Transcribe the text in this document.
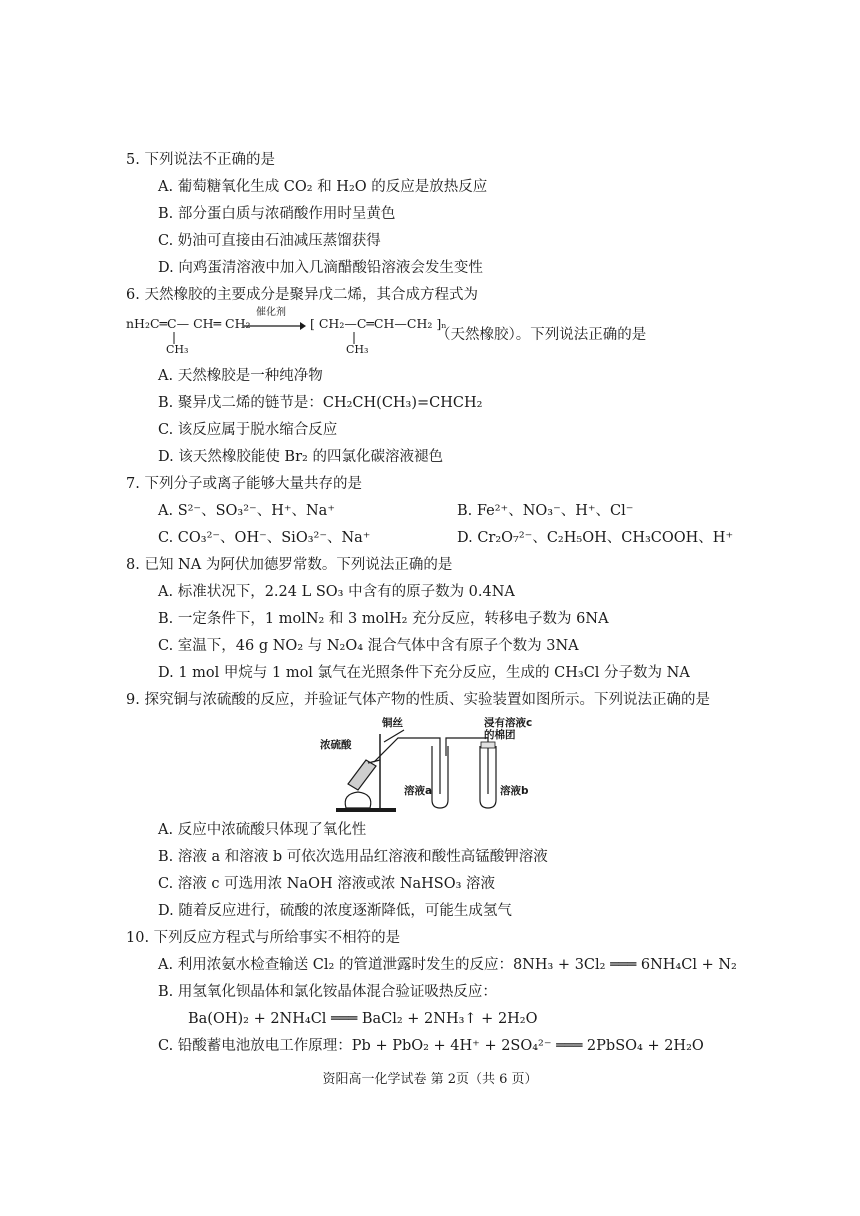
5. 下列说法不正确的是
A. 葡萄糖氧化生成 CO₂ 和 H₂O 的反应是放热反应
B. 部分蛋白质与浓硝酸作用时呈黄色
C. 奶油可直接由石油减压蒸馏获得
D. 向鸡蛋清溶液中加入几滴醋酸铅溶液会发生变性
6. 天然橡胶的主要成分是聚异戊二烯，其合成方程式为
nH₂C═C— CH═ CH₂
催化剂
[ CH₂—C═CH—CH₂ ]ₙ
CH₃	CH₃
（天然橡胶）。下列说法正确的是
A. 天然橡胶是一种纯净物
B. 聚异戊二烯的链节是：CH₂CH(CH₃)=CHCH₂
C. 该反应属于脱水缩合反应
D. 该天然橡胶能使 Br₂ 的四氯化碳溶液褪色
7. 下列分子或离子能够大量共存的是
A. S²⁻、SO₃²⁻、H⁺、Na⁺	B. Fe²⁺、NO₃⁻、H⁺、Cl⁻
C. CO₃²⁻、OH⁻、SiO₃²⁻、Na⁺	D. Cr₂O₇²⁻、C₂H₅OH、CH₃COOH、H⁺
8. 已知 NA 为阿伏加德罗常数。下列说法正确的是
A. 标准状况下，2.24 L SO₃ 中含有的原子数为 0.4NA
B. 一定条件下，1 molN₂ 和 3 molH₂ 充分反应，转移电子数为 6NA
C. 室温下，46 g NO₂ 与 N₂O₄ 混合气体中含有原子个数为 3NA
D. 1 mol 甲烷与 1 mol 氯气在光照条件下充分反应，生成的 CH₃Cl 分子数为 NA
9. 探究铜与浓硫酸的反应，并验证气体产物的性质、实验装置如图所示。下列说法正确的是
铜丝
浓硫酸
浸有溶液c
的棉团
溶液a	溶液b
A. 反应中浓硫酸只体现了氧化性
B. 溶液 a 和溶液 b 可依次选用品红溶液和酸性高锰酸钾溶液
C. 溶液 c 可选用浓 NaOH 溶液或浓 NaHSO₃ 溶液
D. 随着反应进行，硫酸的浓度逐渐降低，可能生成氢气
10. 下列反应方程式与所给事实不相符的是
A. 利用浓氨水检查输送 Cl₂ 的管道泄露时发生的反应：8NH₃ + 3Cl₂ ═══ 6NH₄Cl + N₂
B. 用氢氧化钡晶体和氯化铵晶体混合验证吸热反应：
Ba(OH)₂ + 2NH₄Cl ═══ BaCl₂ + 2NH₃↑ + 2H₂O
C. 铅酸蓄电池放电工作原理：Pb + PbO₂ + 4H⁺ + 2SO₄²⁻ ═══ 2PbSO₄ + 2H₂O
资阳高一化学试卷 第 2页（共 6 页）
